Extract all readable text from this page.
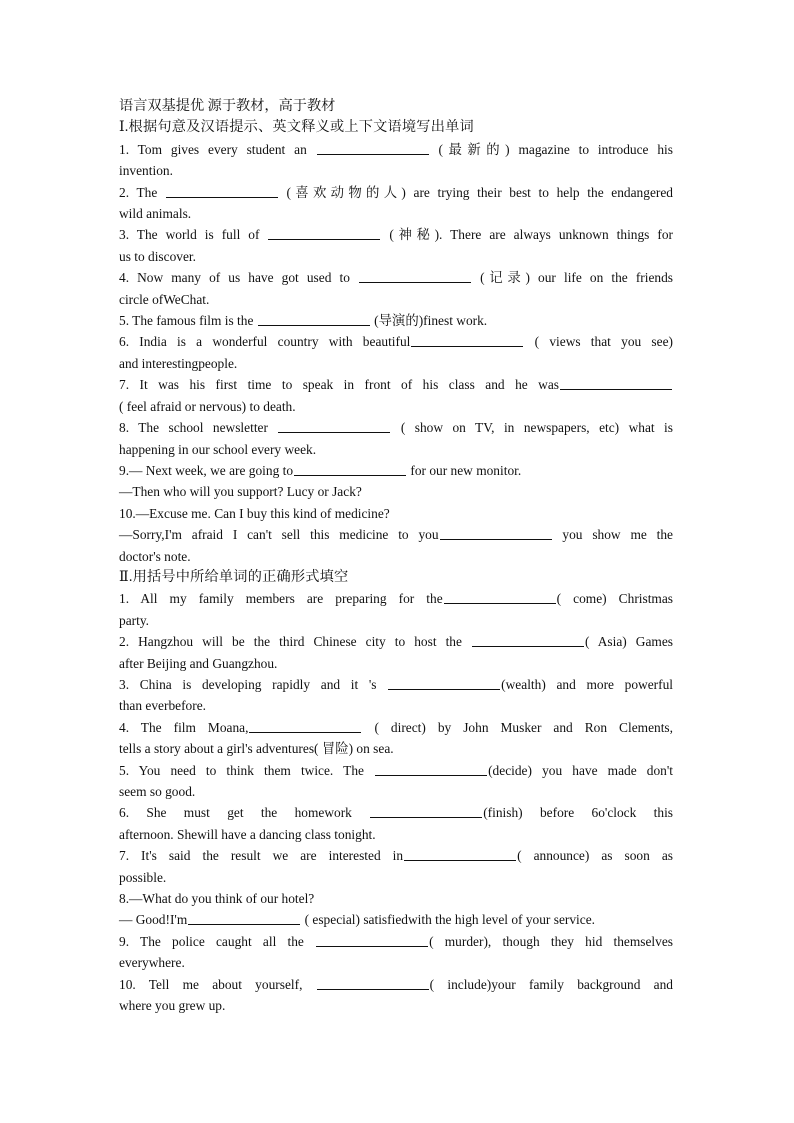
语言双基提优 源于教材，高于教材
Ⅰ.根据句意及汉语提示、英文释义或上下文语境写出单词
1. Tom gives every student an	(最新的) magazine to introduce his
invention.
2. The	(喜欢动物的人) are trying their best to help the endangered
wild animals.
3. The world is full of	(神秘). There are always unknown things for
us to discover.
4. Now many of us have got used to	(记录) our life on the friends
circle ofWeChat.
5. The famous film is the	(导演的)finest work.
6. India is a wonderful country with beautiful	( views that you see)
and interestingpeople.
7. It was his first time to speak in front of his class and he was
( feel afraid or nervous) to death.
8. The school newsletter	( show on TV, in newspapers, etc) what is
happening in our school every week.
9.— Next week, we are going to	for our new monitor.
—Then who will you support? Lucy or Jack?
10.—Excuse me. Can I buy this kind of medicine?
—Sorry,I'm afraid I can't sell this medicine to you	you show me the
doctor's note.
Ⅱ.用括号中所给单词的正确形式填空
1. All my family members are preparing for the	( come) Christmas
party.
2. Hangzhou will be the third Chinese city to host the	( Asia) Games
after Beijing and Guangzhou.
3. China is developing rapidly and it 's	(wealth) and more powerful
than everbefore.
4. The film Moana,	( direct) by John Musker and Ron Clements,
tells a story about a girl's adventures( 冒险) on sea.
5. You need to think them twice. The	(decide) you have made don't
seem so good.
6. She must get the homework	(finish) before 6o'clock this
afternoon. Shewill have a dancing class tonight.
7. It's said the result we are interested in	( announce) as soon as
possible.
8.—What do you think of our hotel?
— Good!I'm	( especial) satisfiedwith the high level of your service.
9. The police caught all the	( murder), though they hid themselves
everywhere.
10. Tell me about yourself,	( include)your family background and
where you grew up.
